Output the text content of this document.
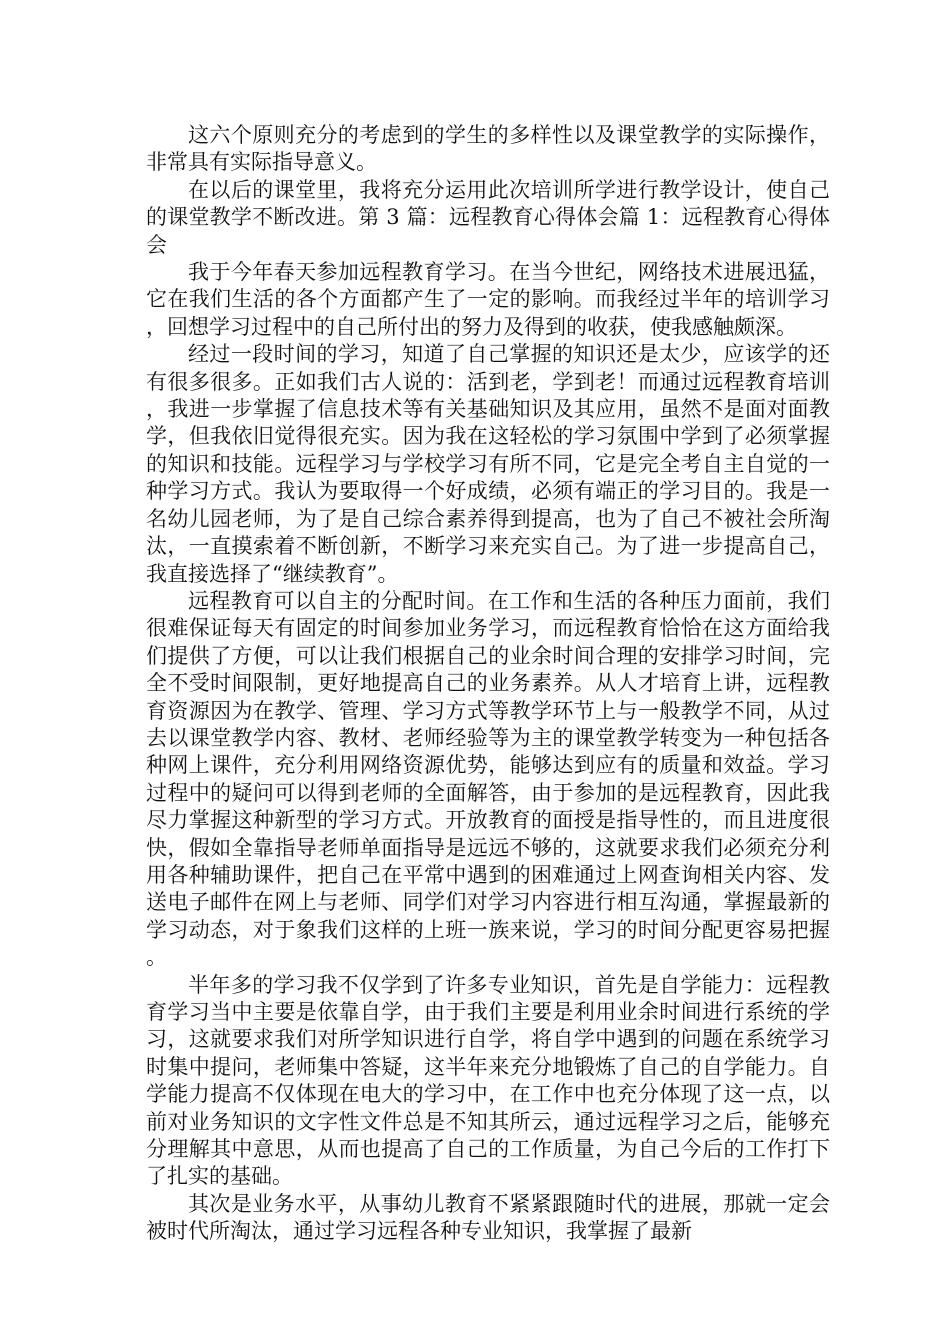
这六个原则充分的考虑到的学生的多样性以及课堂教学的实际操作，非常具有实际指导意义。

在以后的课堂里，我将充分运用此次培训所学进行教学设计，使自己的课堂教学不断改进。第 3 篇：远程教育心得体会篇 1：远程教育心得体会

我于今年春天参加远程教育学习。在当今世纪，网络技术进展迅猛，它在我们生活的各个方面都产生了一定的影响。而我经过半年的培训学习，回想学习过程中的自己所付出的努力及得到的收获，使我感触颇深。

经过一段时间的学习，知道了自己掌握的知识还是太少，应该学的还有很多很多。正如我们古人说的：活到老，学到老！而通过远程教育培训，我进一步掌握了信息技术等有关基础知识及其应用，虽然不是面对面教学，但我依旧觉得很充实。因为我在这轻松的学习氛围中学到了必须掌握的知识和技能。远程学习与学校学习有所不同，它是完全考自主自觉的一种学习方式。我认为要取得一个好成绩，必须有端正的学习目的。我是一名幼儿园老师，为了是自己综合素养得到提高，也为了自己不被社会所淘汰，一直摸索着不断创新，不断学习来充实自己。为了进一步提高自己，我直接选择了“继续教育”。

远程教育可以自主的分配时间。在工作和生活的各种压力面前，我们很难保证每天有固定的时间参加业务学习，而远程教育恰恰在这方面给我们提供了方便，可以让我们根据自己的业余时间合理的安排学习时间，完全不受时间限制，更好地提高自己的业务素养。从人才培育上讲，远程教育资源因为在教学、管理、学习方式等教学环节上与一般教学不同，从过去以课堂教学内容、教材、老师经验等为主的课堂教学转变为一种包括各种网上课件，充分利用网络资源优势，能够达到应有的质量和效益。学习过程中的疑问可以得到老师的全面解答，由于参加的是远程教育，因此我尽力掌握这种新型的学习方式。开放教育的面授是指导性的，而且进度很快，假如全靠指导老师单面指导是远远不够的，这就要求我们必须充分利用各种辅助课件，把自己在平常中遇到的困难通过上网查询相关内容、发送电子邮件在网上与老师、同学们对学习内容进行相互沟通，掌握最新的学习动态，对于象我们这样的上班一族来说，学习的时间分配更容易把握。

半年多的学习我不仅学到了许多专业知识，首先是自学能力：远程教育学习当中主要是依靠自学，由于我们主要是利用业余时间进行系统的学习，这就要求我们对所学知识进行自学，将自学中遇到的问题在系统学习时集中提问，老师集中答疑，这半年来充分地锻炼了自己的自学能力。自学能力提高不仅体现在电大的学习中，在工作中也充分体现了这一点，以前对业务知识的文字性文件总是不知其所云，通过远程学习之后，能够充分理解其中意思，从而也提高了自己的工作质量，为自己今后的工作打下了扎实的基础。

其次是业务水平，从事幼儿教育不紧紧跟随时代的进展，那就一定会被时代所淘汰，通过学习远程各种专业知识，我掌握了最新
